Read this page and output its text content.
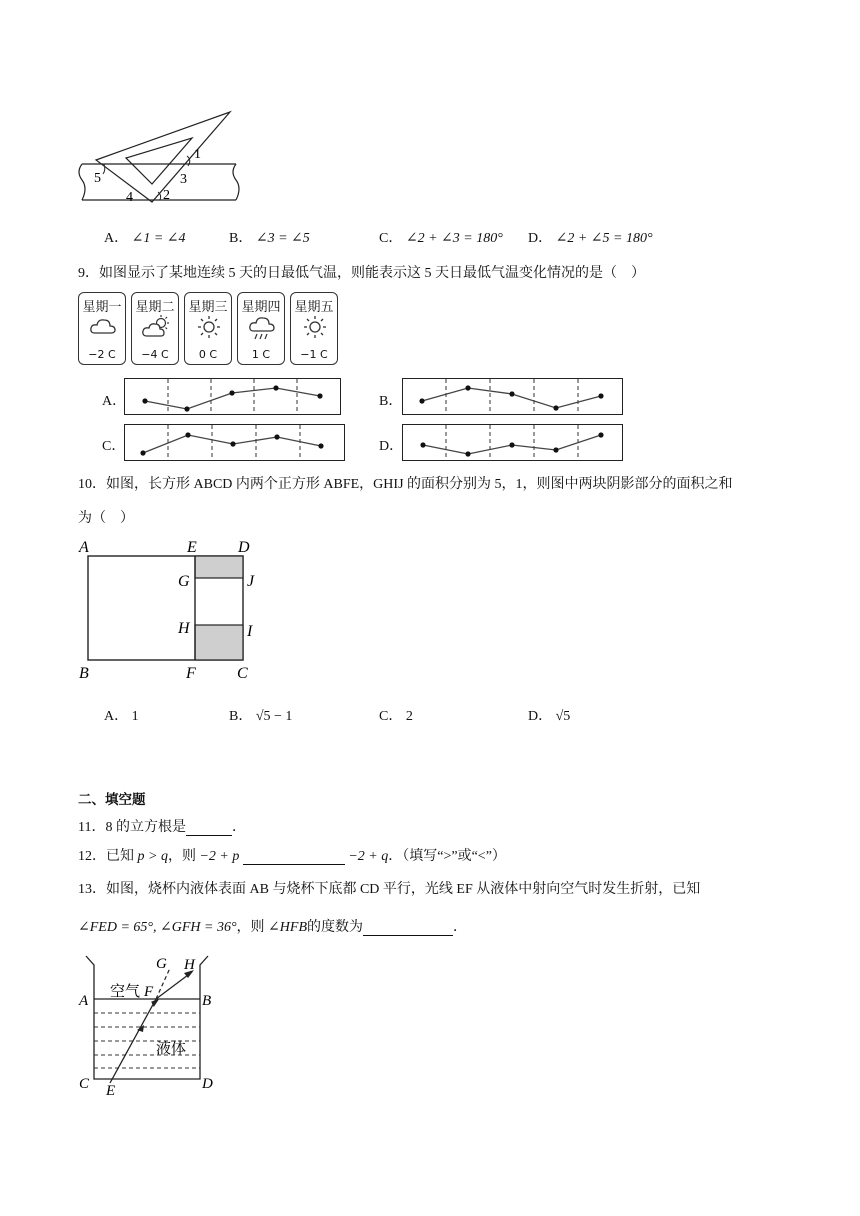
1
3
5
4 2
A． ∠1 = ∠4	B． ∠3 = ∠5	C． ∠2 + ∠3 = 180° D． ∠2 + ∠5 = 180°
9．如图显示了某地连续 5 天的日最低气温，则能表示这 5 天日最低气温变化情况的是（　）
星期一
−2 C
星期二
−4 C
星期三
0 C
星期四
1 C
星期五
−1 C
A．	B．
C．	D．
10．如图，长方形 ABCD 内两个正方形 ABFE，GHIJ 的面积分别为 5，1，则图中两块阴影部分的面积之和
为（　）
A	E	D
G	J
H	I
B	F	C
A． 1	B． √5 − 1	C． 2	D． √5
二、填空题
11．8 的立方根是	．
12．已知 p > q，则 −2 + p	−2 + q．（填写“>”或“<”）
13．如图，烧杯内液体表面 AB 与烧杯下底都 CD 平行，光线 EF 从液体中射向空气时发生折射，已知
∠FED = 65°, ∠GFH = 36°，则 ∠HFB的度数为	．
空气
液体
A	B
C	D
E
F
G H
